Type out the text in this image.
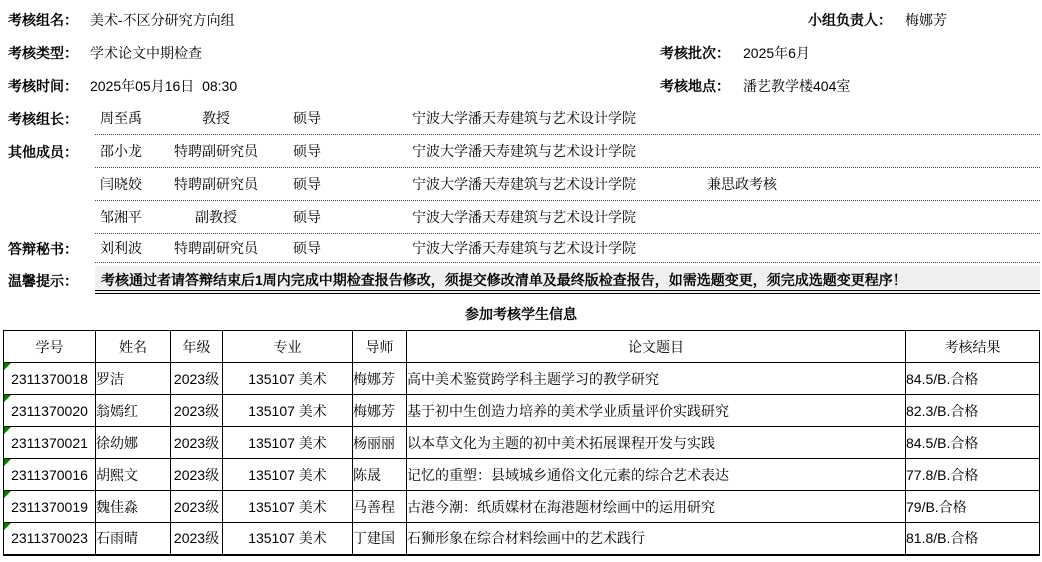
考核组名： 美术-不区分研究方向组	小组负责人： 梅娜芳
考核类型： 学术论文中期检查	考核批次： 2025年6月
考核时间： 2025年05月16日  08:30	考核地点： 潘艺教学楼404室
考核组长： 周至禹	教授	硕导	宁波大学潘天寿建筑与艺术设计学院
其他成员： 邵小龙	特聘副研究员	硕导	宁波大学潘天寿建筑与艺术设计学院
闫晓姣	特聘副研究员	硕导	宁波大学潘天寿建筑与艺术设计学院	兼思政考核
邹湘平	副教授	硕导	宁波大学潘天寿建筑与艺术设计学院
答辩秘书： 刘利波	特聘副研究员	硕导	宁波大学潘天寿建筑与艺术设计学院
温馨提示：	考核通过者请答辩结束后1周内完成中期检查报告修改，须提交修改清单及最终版检查报告，如需选题变更，须完成选题变更程序！
参加考核学生信息
学号	姓名	年级	专业	导师	论文题目	考核结果

2311370018	罗洁	2023级	135107 美术	梅娜芳	高中美术鉴赏跨学科主题学习的教学研究	84.5/B.合格

2311370020	翁嫣红	2023级	135107 美术	梅娜芳	基于初中生创造力培养的美术学业质量评价实践研究	82.3/B.合格

2311370021	徐幼娜	2023级	135107 美术	杨丽丽	以本草文化为主题的初中美术拓展课程开发与实践	84.5/B.合格

2311370016	胡熙文	2023级	135107 美术	陈晟	记忆的重塑：县域城乡通俗文化元素的综合艺术表达	77.8/B.合格

2311370019	魏佳淼	2023级	135107 美术	马善程	古港今潮：纸质媒材在海港题材绘画中的运用研究	79/B.合格

2311370023	石雨晴	2023级	135107 美术	丁建国	石狮形象在综合材料绘画中的艺术践行	81.8/B.合格
